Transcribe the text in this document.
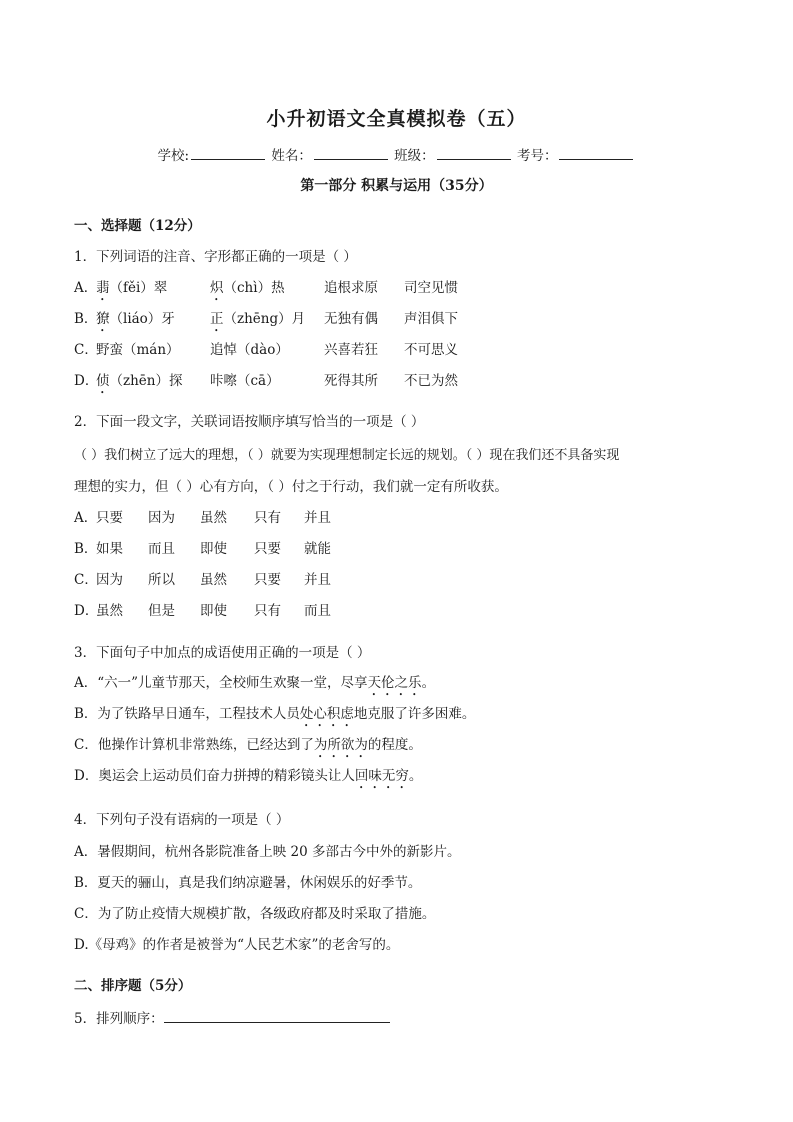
小升初语文全真模拟卷（五）
学校:	姓名：	班级：	考号：
第一部分 积累与运用（35分）
一、选择题（12分）
1．下列词语的注音、字形都正确的一项是（ ）
A．
翡（fěi）翠	炽（chì）热	追根求原 司空见惯
B．
獠（liáo）牙	正（zhēng）月 无独有偶 声泪俱下
C．
野蛮（mán） 追悼（dào）	兴喜若狂 不可思义
D．
侦（zhēn）探 咔嚓（cā）	死得其所 不已为然
2．下面一段文字，关联词语按顺序填写恰当的一项是（ ）
（ ）我们树立了远大的理想，（ ）就要为实现理想制定长远的规划。（ ）现在我们还不具备实现
理想的实力，但（ ）心有方向，（ ）付之于行动，我们就一定有所收获。
A．
只要 因为 虽然 只有 并且
B．
如果 而且 即使 只要 就能
C．
因为 所以 虽然 只要 并且
D．
虽然 但是 即使 只有 而且
3．下面句子中加点的成语使用正确的一项是（ ）
A．“六一”儿童节那天，全校师生欢聚一堂，尽享天伦之乐。
B．为了铁路早日通车，工程技术人员处心积虑地克服了许多困难。
C．他操作计算机非常熟练，已经达到了为所欲为的程度。
D．奥运会上运动员们奋力拼搏的精彩镜头让人回味无穷。
4．下列句子没有语病的一项是（ ）
A．暑假期间，杭州各影院准备上映 20 多部古今中外的新影片。
B．夏天的骊山，真是我们纳凉避暑，休闲娱乐的好季节。
C．为了防止疫情大规模扩散，各级政府都及时采取了措施。
D.《母鸡》的作者是被誉为“人民艺术家”的老舍写的。
二、排序题（5分）
5．排列顺序：
